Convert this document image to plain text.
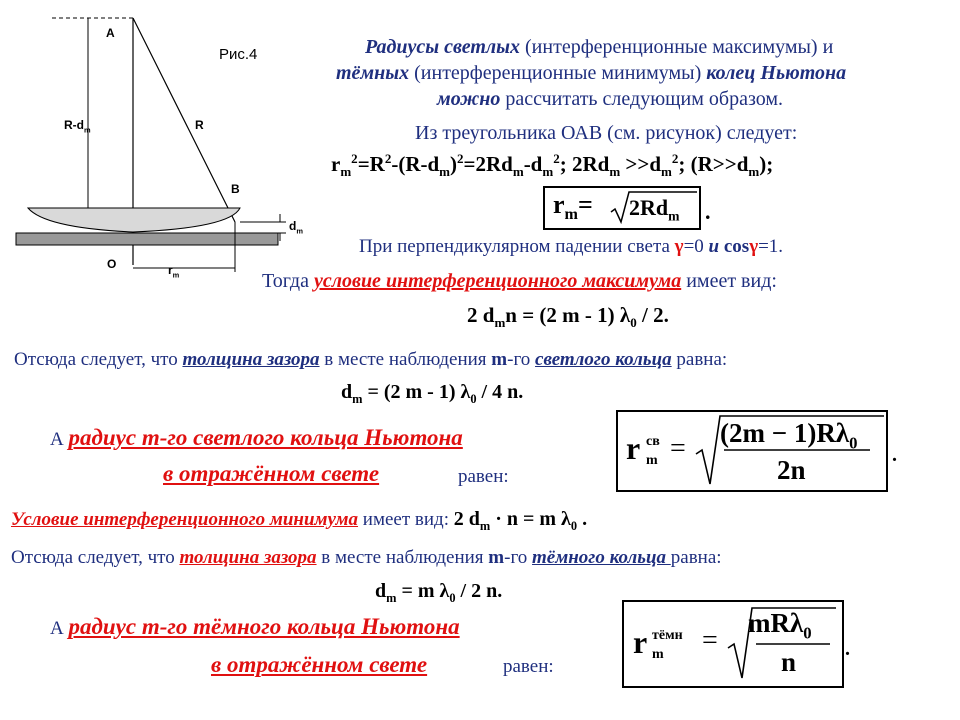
A
$R-d_m$	R
B
$d_m$
O	$r_m$
Рис.4	Радиусы светлых (интерференционные максимумы) и
тёмных (интерференционные минимумы) колец Ньютона
можно рассчитать следующим образом.
Из треугольника ОАВ (см. рисунок) следует:
$r_m^2=R^2-(R-d_m)^2=2Rd_m-d_m^2$; $2Rd_m >>d_m^2$; $(R>>d_m)$;
$r_m= 2Rd_m$ .
При перпендикулярном падении света γ=0 и cosγ=1.
Тогда условие интерференционного максимума имеет вид:
2 $d_mn = (2$ m - 1) $\lambda_0 / 2$.
Отсюда следует, что толщина зазора в месте наблюдения m-го светлого кольца равна:
$d_m = (2$ m - 1) $\lambda_0 / 4$ n.
А радиус m-го светлого кольца Ньютона
в отражённом свете	равен:
r св
$m = (2m - 1)R\lambda_0$
2n	.
Условие интерференционного минимума имеет вид: 2 $d_m \cdot n = m$ $\lambda_0$ .
Отсюда следует, что толщина зазора в месте наблюдения m-го тёмного кольца равна:
$d_m = m$ $\lambda_0 / 2$ n.
А радиус m-го тёмного кольца Ньютона
в отражённом свете	равен:
r тёмн
m =
mRλ$_0$
n .
